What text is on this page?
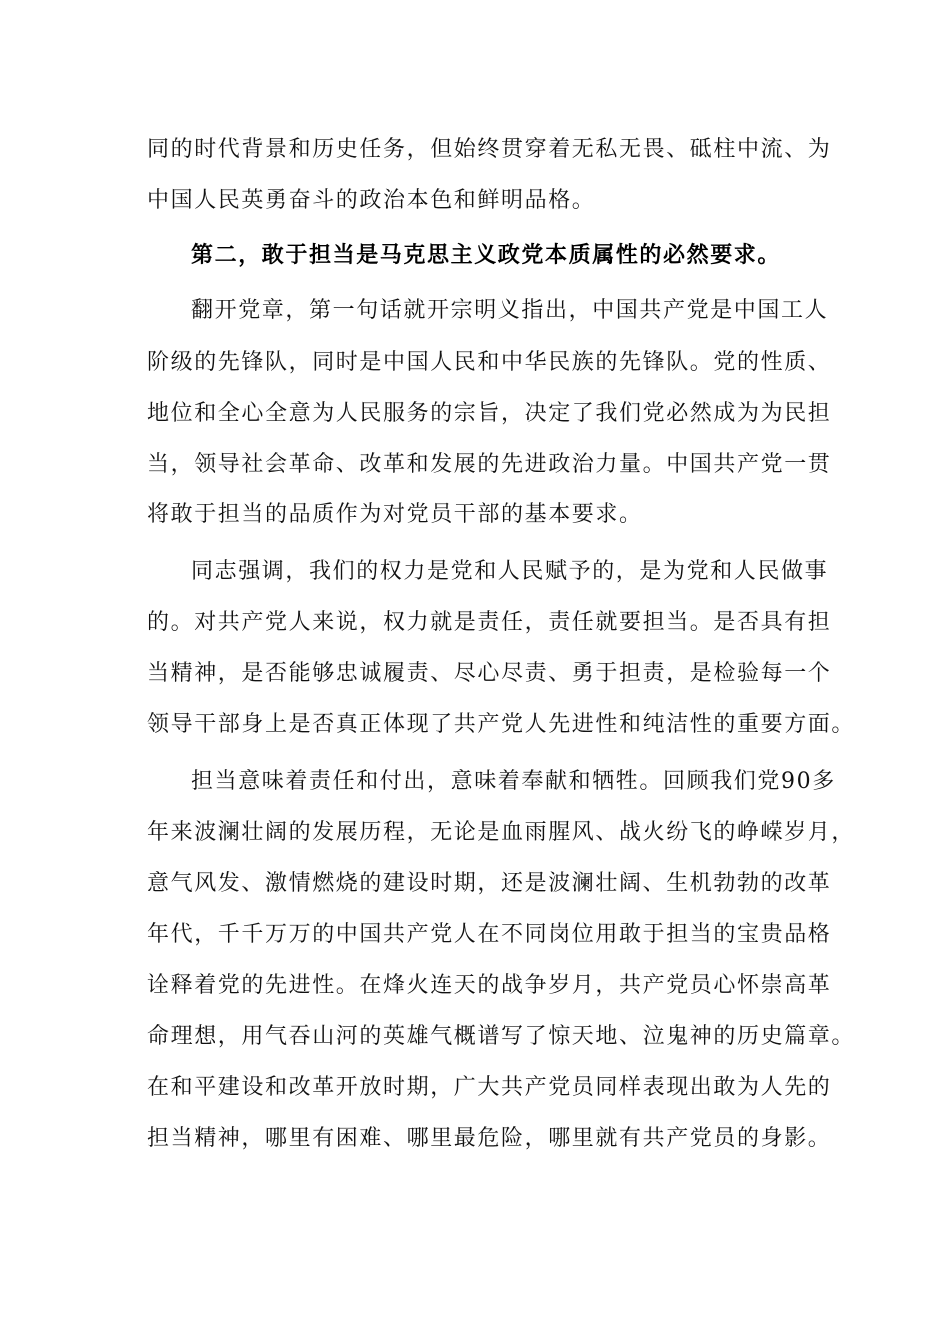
同的时代背景和历史任务，但始终贯穿着无私无畏、砥柱中流、为
中国人民英勇奋斗的政治本色和鲜明品格。
第二，敢于担当是马克思主义政党本质属性的必然要求。
翻开党章，第一句话就开宗明义指出，中国共产党是中国工人
阶级的先锋队，同时是中国人民和中华民族的先锋队。党的性质、
地位和全心全意为人民服务的宗旨，决定了我们党必然成为为民担
当，领导社会革命、改革和发展的先进政治力量。中国共产党一贯
将敢于担当的品质作为对党员干部的基本要求。
同志强调，我们的权力是党和人民赋予的，是为党和人民做事
的。对共产党人来说，权力就是责任，责任就要担当。是否具有担
当精神，是否能够忠诚履责、尽心尽责、勇于担责，是检验每一个
领导干部身上是否真正体现了共产党人先进性和纯洁性的重要方面。
担当意味着责任和付出，意味着奉献和牺牲。回顾我们党90多
年来波澜壮阔的发展历程，无论是血雨腥风、战火纷飞的峥嵘岁月，
意气风发、激情燃烧的建设时期，还是波澜壮阔、生机勃勃的改革
年代，千千万万的中国共产党人在不同岗位用敢于担当的宝贵品格
诠释着党的先进性。在烽火连天的战争岁月，共产党员心怀崇高革
命理想，用气吞山河的英雄气概谱写了惊天地、泣鬼神的历史篇章。
在和平建设和改革开放时期，广大共产党员同样表现出敢为人先的
担当精神，哪里有困难、哪里最危险，哪里就有共产党员的身影。
